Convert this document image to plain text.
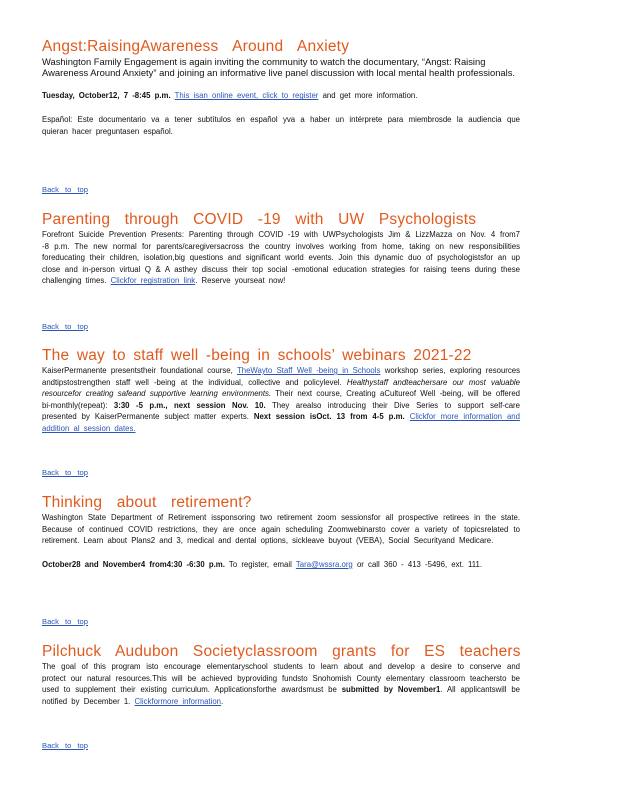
Angst:RaisingAwareness Around Anxiety

Washington Family Engagement is again inviting the community to watch the documentary, “Angst: Raising Awareness Around Anxiety” and joining an informative live panel discussion with local mental health professionals.

Tuesday, October12, 7 -8:45 p.m. This isan online event, click to register and get more information.

Español: Este documentario va a tener subtítulos en español yva a haber un intérprete para miembrosde la audiencia que quieran hacer preguntasen español.

Back to top
Parenting through COVID -19 with UW Psychologists

Forefront Suicide Prevention Presents: Parenting through COVID -19 with UWPsychologists Jim & LizzMazza on Nov. 4 from7 -8 p.m. The new normal for parents/caregiversacross the country involves working from home, taking on new responsibilities foreducating their children, isolation,big questions and significant world events. Join this dynamic duo of psychologistsfor an up close and in-person virtual Q & A asthey discuss their top social -emotional education strategies for raising teens during these challenging times. Clickfor registration link. Reserve yourseat now!

Back to top
The way to staff well -being in schools’ webinars 2021-22

KaiserPermanente presentstheir foundational course, TheWayto Staff Well -being in Schools workshop series, exploring resources andtipstostrengthen staff well -being at the individual, collective and policylevel. Healthystaff andteachersare our most valuable resourcefor creating safeand supportive learning environments. Their next course, Creating aCultureof Well -being, will be offered bi-monthly(repeat): 3:30 -5 p.m., next session Nov. 10. They arealso introducing their Dive Series to support self-care presented by KaiserPermanente subject matter experts. Next session isOct. 13 from 4-5 p.m. Clickfor more information and addition al session dates.

Back to top
Thinking about retirement?

Washington State Department of Retirement issponsoring two retirement zoom sessionsfor all prospective retirees in the state. Because of continued COVID restrictions, they are once again scheduling Zoomwebinarsto cover a variety of topicsrelated to retirement. Learn about Plans2 and 3, medical and dental options, sickleave buyout (VEBA), Social Securityand Medicare.

October28 and November4 from4:30 -6:30 p.m. To register, email Tara@wssra.org or call 360 - 413 -5496, ext. 111.

Back to top
Pilchuck Audubon Societyclassroom grants for ES teachers

The goal of this program isto encourage elementaryschool students to learn about and develop a desire to conserve and protect our natural resources.This will be achieved byproviding fundsto Snohomish County elementary classroom teachersto be used to supplement their existing curriculum. Applicationsforthe awardsmust be submitted by November1. All applicantswill be notified by December 1. Clickformore information.

Back to top
